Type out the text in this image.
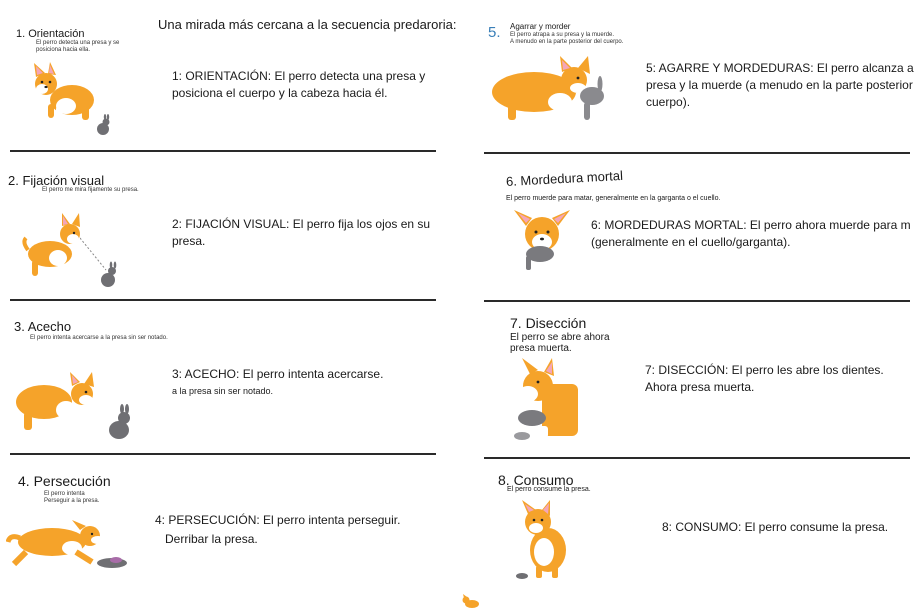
Una mirada más cercana a la secuencia predaroria:
1. Orientación
El perro detecta una presa y se posiciona hacia ella.
1: ORIENTACIÓN: El perro detecta una presa y
posiciona el cuerpo y la cabeza hacia él.
2. Fijación visual
El perro me mira fijamente su presa.
2: FIJACIÓN VISUAL: El perro fija los ojos en su
presa.
3. Acecho
El perro intenta acercarse a la presa sin ser notado.
3: ACECHO: El perro intenta acercarse.
a la presa sin ser notado.
4. Persecución
El perro intenta
Perseguir a la presa.
4: PERSECUCIÓN: El perro intenta perseguir.
Derribar la presa.
5. Agarrar y morder
El perro atrapa a su presa y la muerde.
A menudo en la parte posterior del cuerpo.
5: AGARRE Y MORDEDURAS: El perro alcanza a
presa y la muerde (a menudo en la parte posterior
cuerpo).
6. Mordedura mortal
El perro muerde para matar, generalmente en la garganta o el cuello.
6: MORDEDURAS MORTAL: El perro ahora muerde para m
(generalmente en el cuello/garganta).
7. Disección
El perro se abre ahora
presa muerta.
7: DISECCIÓN: El perro les abre los dientes.
Ahora presa muerta.
8. Consumo
El perro consume la presa.
8: CONSUMO: El perro consume la presa.
